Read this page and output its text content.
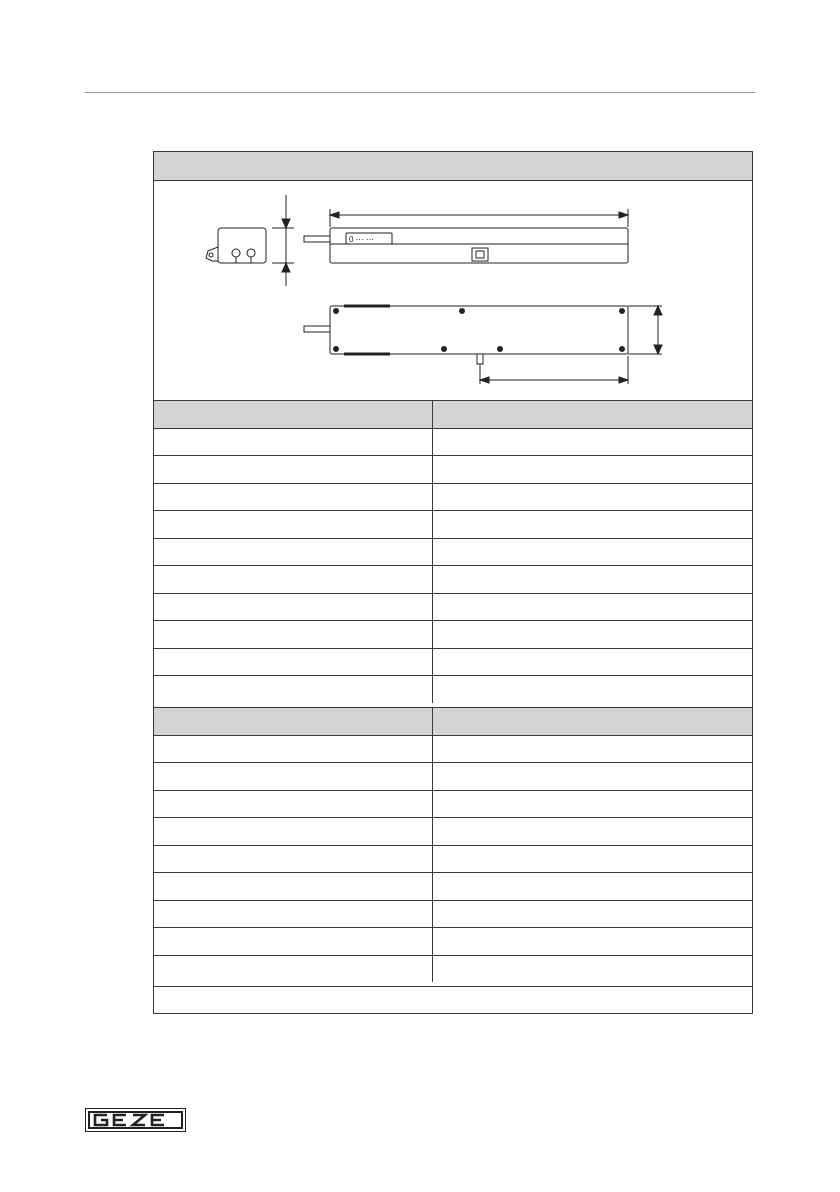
0 ⋯ ⋯
